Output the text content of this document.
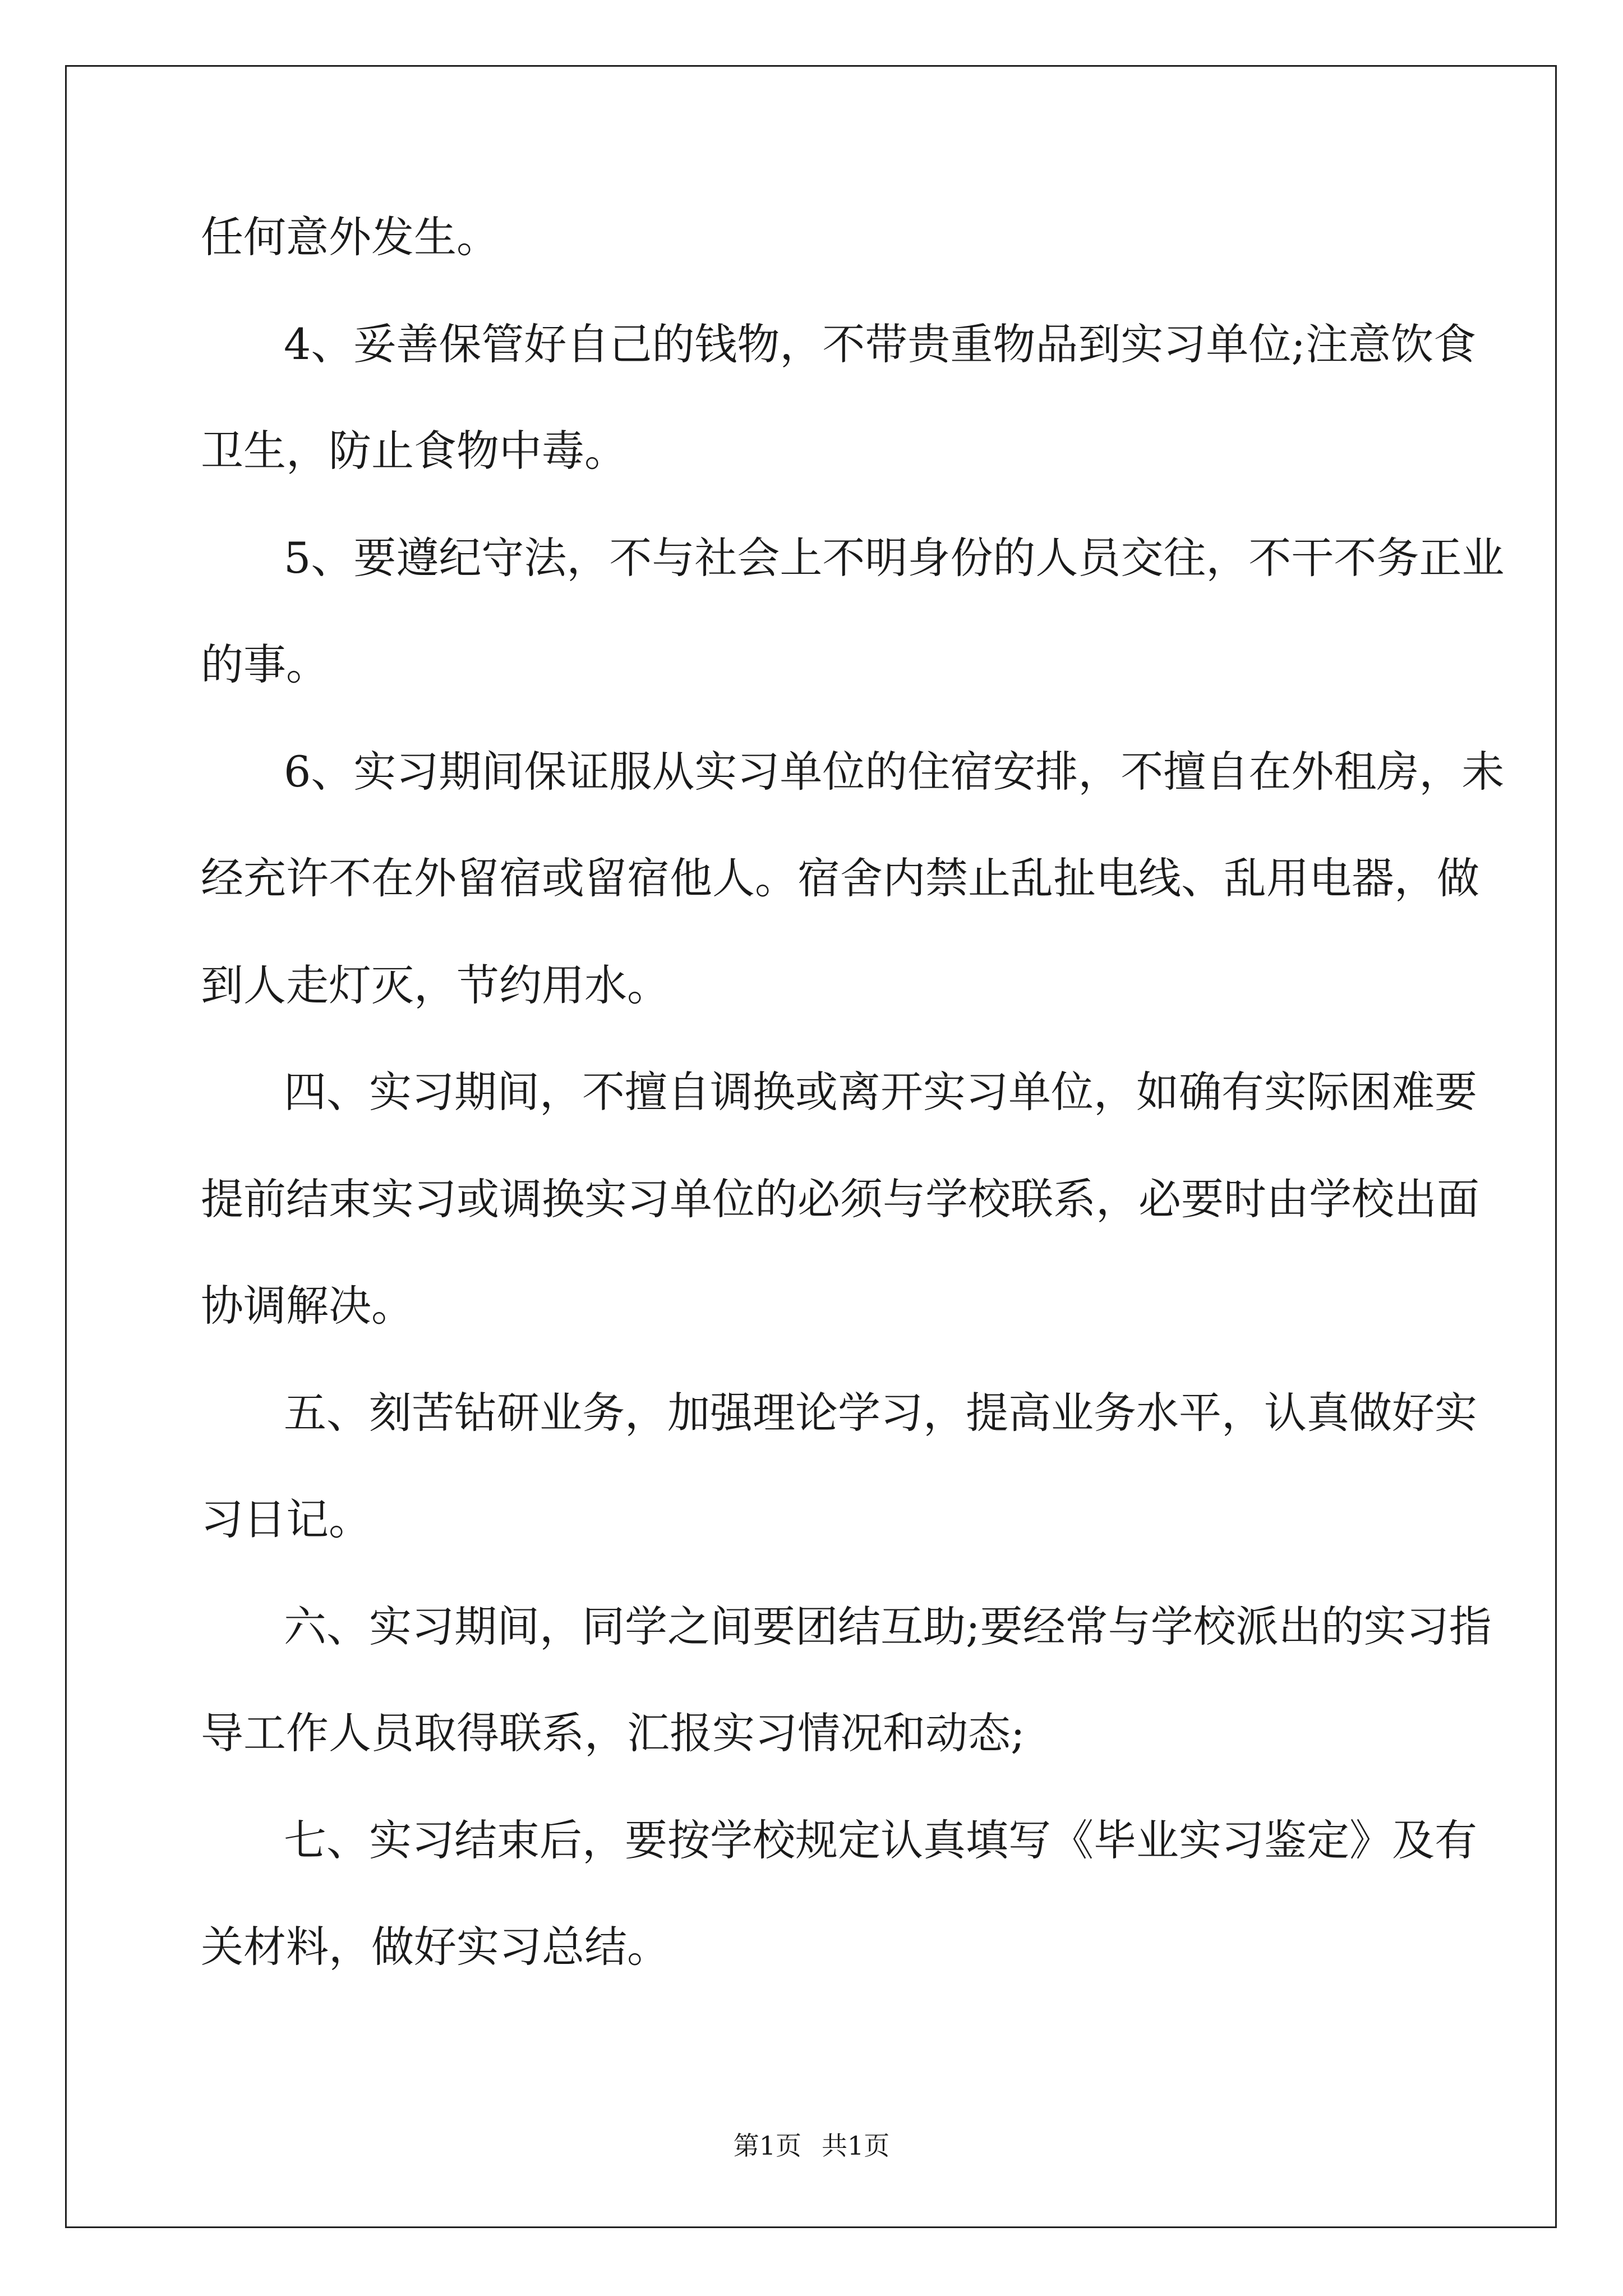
任何意外发生。
4、妥善保管好自己的钱物，不带贵重物品到实习单位;注意饮食
卫生，防止食物中毒。
5、要遵纪守法，不与社会上不明身份的人员交往，不干不务正业
的事。
6、实习期间保证服从实习单位的住宿安排，不擅自在外租房，未
经充许不在外留宿或留宿他人。宿舍内禁止乱扯电线、乱用电器，做
到人走灯灭，节约用水。
四、实习期间，不擅自调换或离开实习单位，如确有实际困难要
提前结束实习或调换实习单位的必须与学校联系，必要时由学校出面
协调解决。
五、刻苦钻研业务，加强理论学习，提高业务水平，认真做好实
习日记。
六、实习期间，同学之间要团结互助;要经常与学校派出的实习指
导工作人员取得联系，汇报实习情况和动态;
七、实习结束后，要按学校规定认真填写《毕业实习鉴定》及有
关材料，做好实习总结。
第1页 共1页
